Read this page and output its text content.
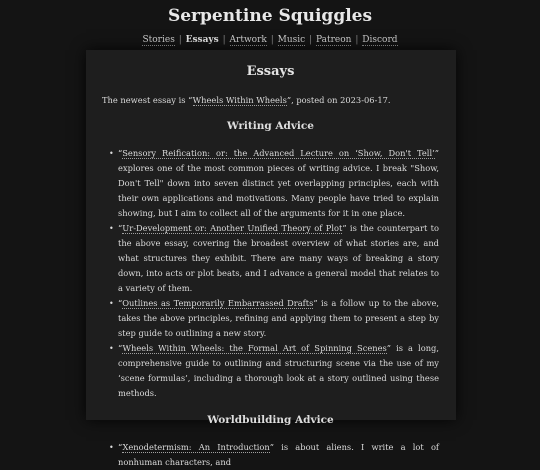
Serpentine Squiggles
Stories | Essays | Artwork | Music | Patreon | Discord
Essays

The newest essay is “Wheels Within Wheels”, posted on 2023-06-17.

Writing Advice
• “Sensory Reification: or: the Advanced Lecture on ‘Show, Don't Tell’” explores one of the most common pieces of writing advice. I break "Show, Don't Tell" down into seven distinct yet overlapping principles, each with their own applications and motivations. Many people have tried to explain showing, but I aim to collect all of the arguments for it in one place.
• “Ur-Development or: Another Unified Theory of Plot” is the counterpart to the above essay, covering the broadest overview of what stories are, and what structures they exhibit. There are many ways of breaking a story down, into acts or plot beats, and I advance a general model that relates to a variety of them.
• “Outlines as Temporarily Embarrassed Drafts” is a follow up to the above, takes the above principles, refining and applying them to present a step by step guide to outlining a new story.
• “Wheels Within Wheels: the Formal Art of Spinning Scenes” is a long, comprehensive guide to outlining and structuring scene via the use of my ‘scene formulas’, including a thorough look at a story outlined using these methods.
Worldbuilding Advice
• “Xenodetermism: An Introduction” is about aliens. I write a lot of nonhuman characters, and
